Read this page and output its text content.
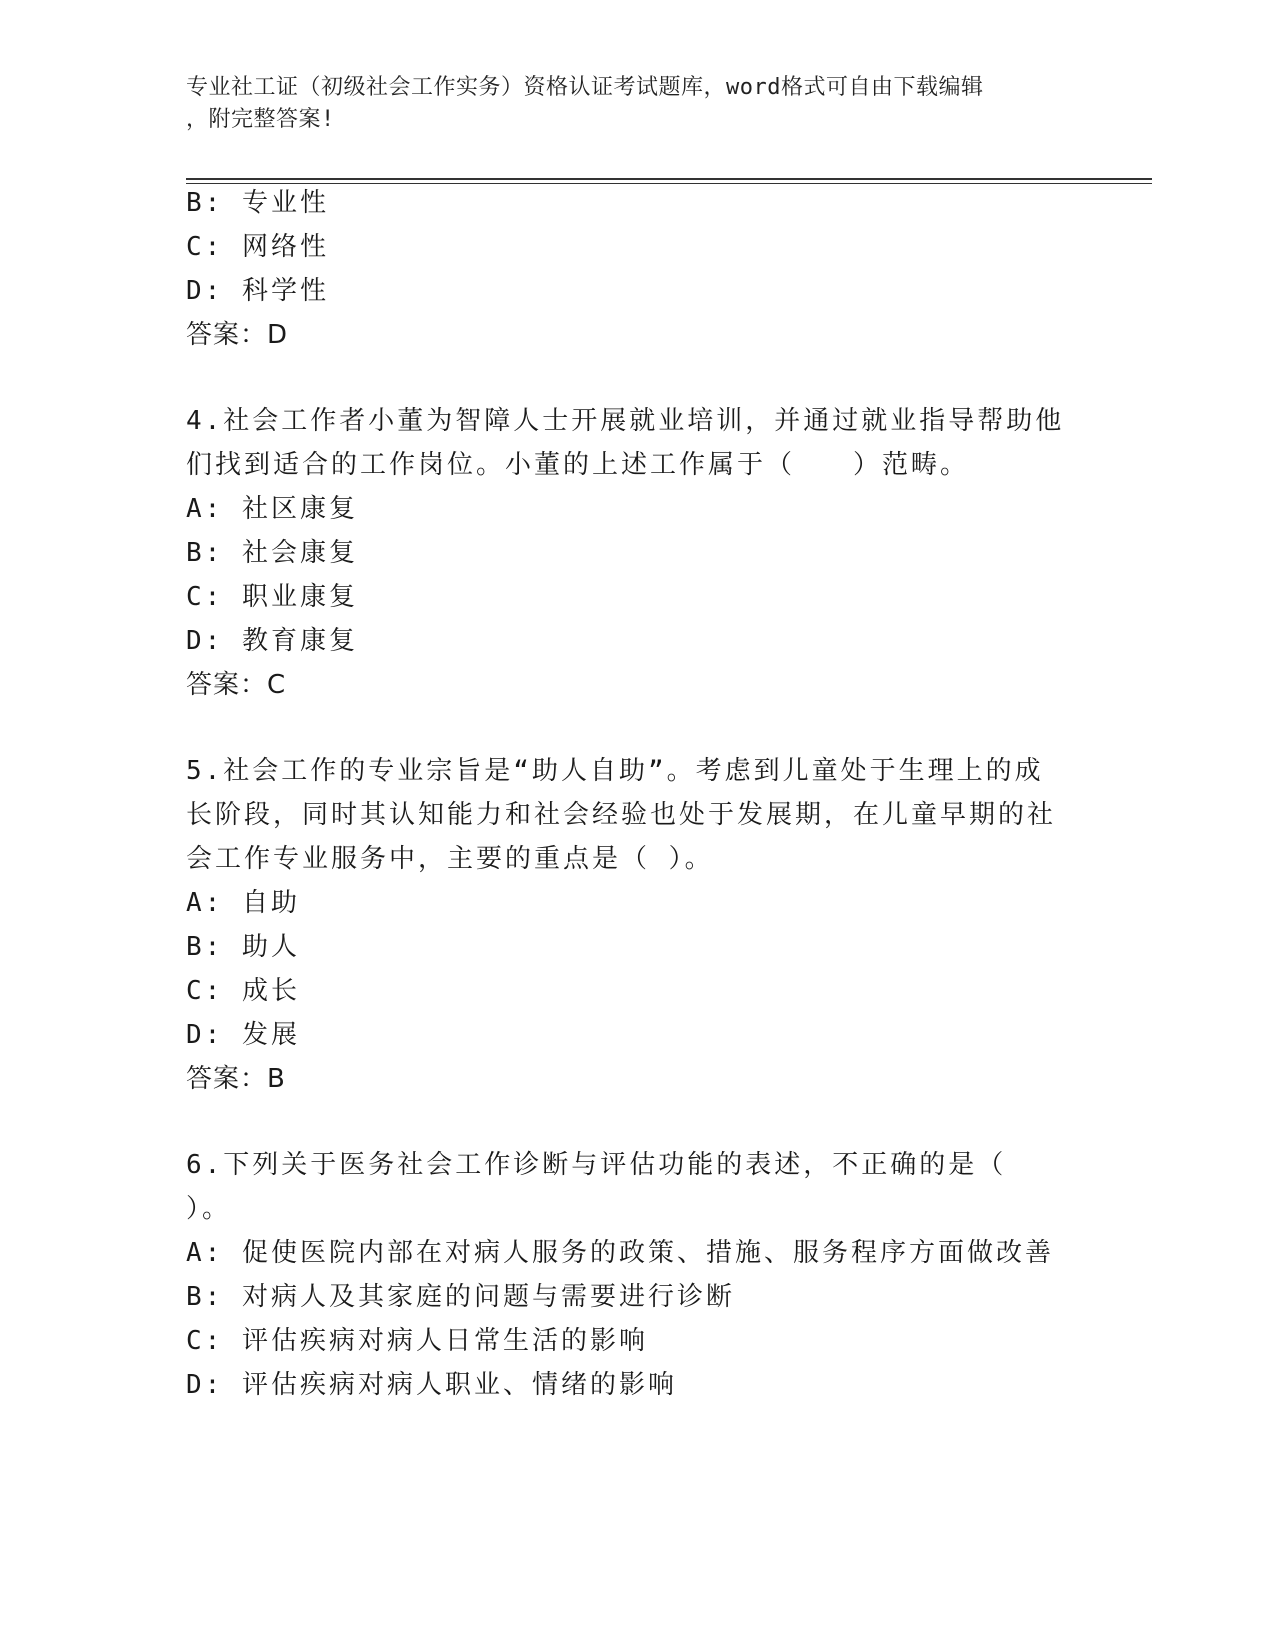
专业社工证（初级社会工作实务）资格认证考试题库，word格式可自由下载编辑
，附完整答案!
B: 专业性
C: 网络性
D: 科学性
答案：D
4.社会工作者小董为智障人士开展就业培训，并通过就业指导帮助他
们找到适合的工作岗位。小董的上述工作属于（　　）范畴。
A: 社区康复
B: 社会康复
C: 职业康复
D: 教育康复
答案：C
5.社会工作的专业宗旨是“助人自助”。考虑到儿童处于生理上的成
长阶段，同时其认知能力和社会经验也处于发展期，在儿童早期的社
会工作专业服务中，主要的重点是（ ）。
A: 自助
B: 助人
C: 成长
D: 发展
答案：B
6.下列关于医务社会工作诊断与评估功能的表述，不正确的是（
）。
A: 促使医院内部在对病人服务的政策、措施、服务程序方面做改善
B: 对病人及其家庭的问题与需要进行诊断
C: 评估疾病对病人日常生活的影响
D: 评估疾病对病人职业、情绪的影响
